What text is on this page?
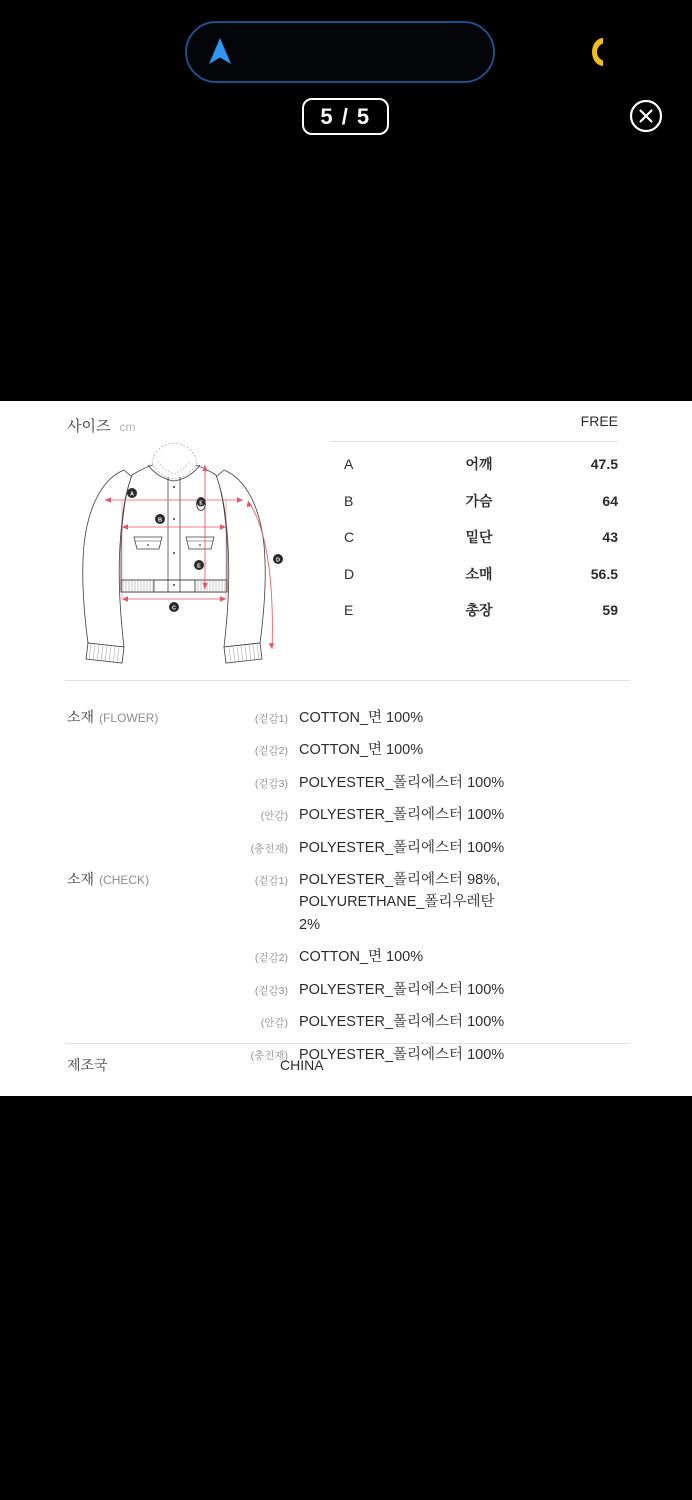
5 / 5
사이즈 cm
A
B
C
D
E
E
FREE
A	어깨	47.5
B	가슴	64
C	밑단	43
D	소매	56.5
E	총장	59
소재 (FLOWER)	(겉감1) COTTON_면 100%
(겉감2) COTTON_면 100%
(겉감3) POLYESTER_폴리에스터 100%
(안감) POLYESTER_폴리에스터 100%
(충전재) POLYESTER_폴리에스터 100%
소재 (CHECK)	(겉감1) POLYESTER_폴리에스터 98%, POLYURETHANE_폴리우레탄 2%
(겉감2) COTTON_면 100%
(겉감3) POLYESTER_폴리에스터 100%
(안감) POLYESTER_폴리에스터 100%
(충전재) POLYESTER_폴리에스터 100%
제조국	CHINA
